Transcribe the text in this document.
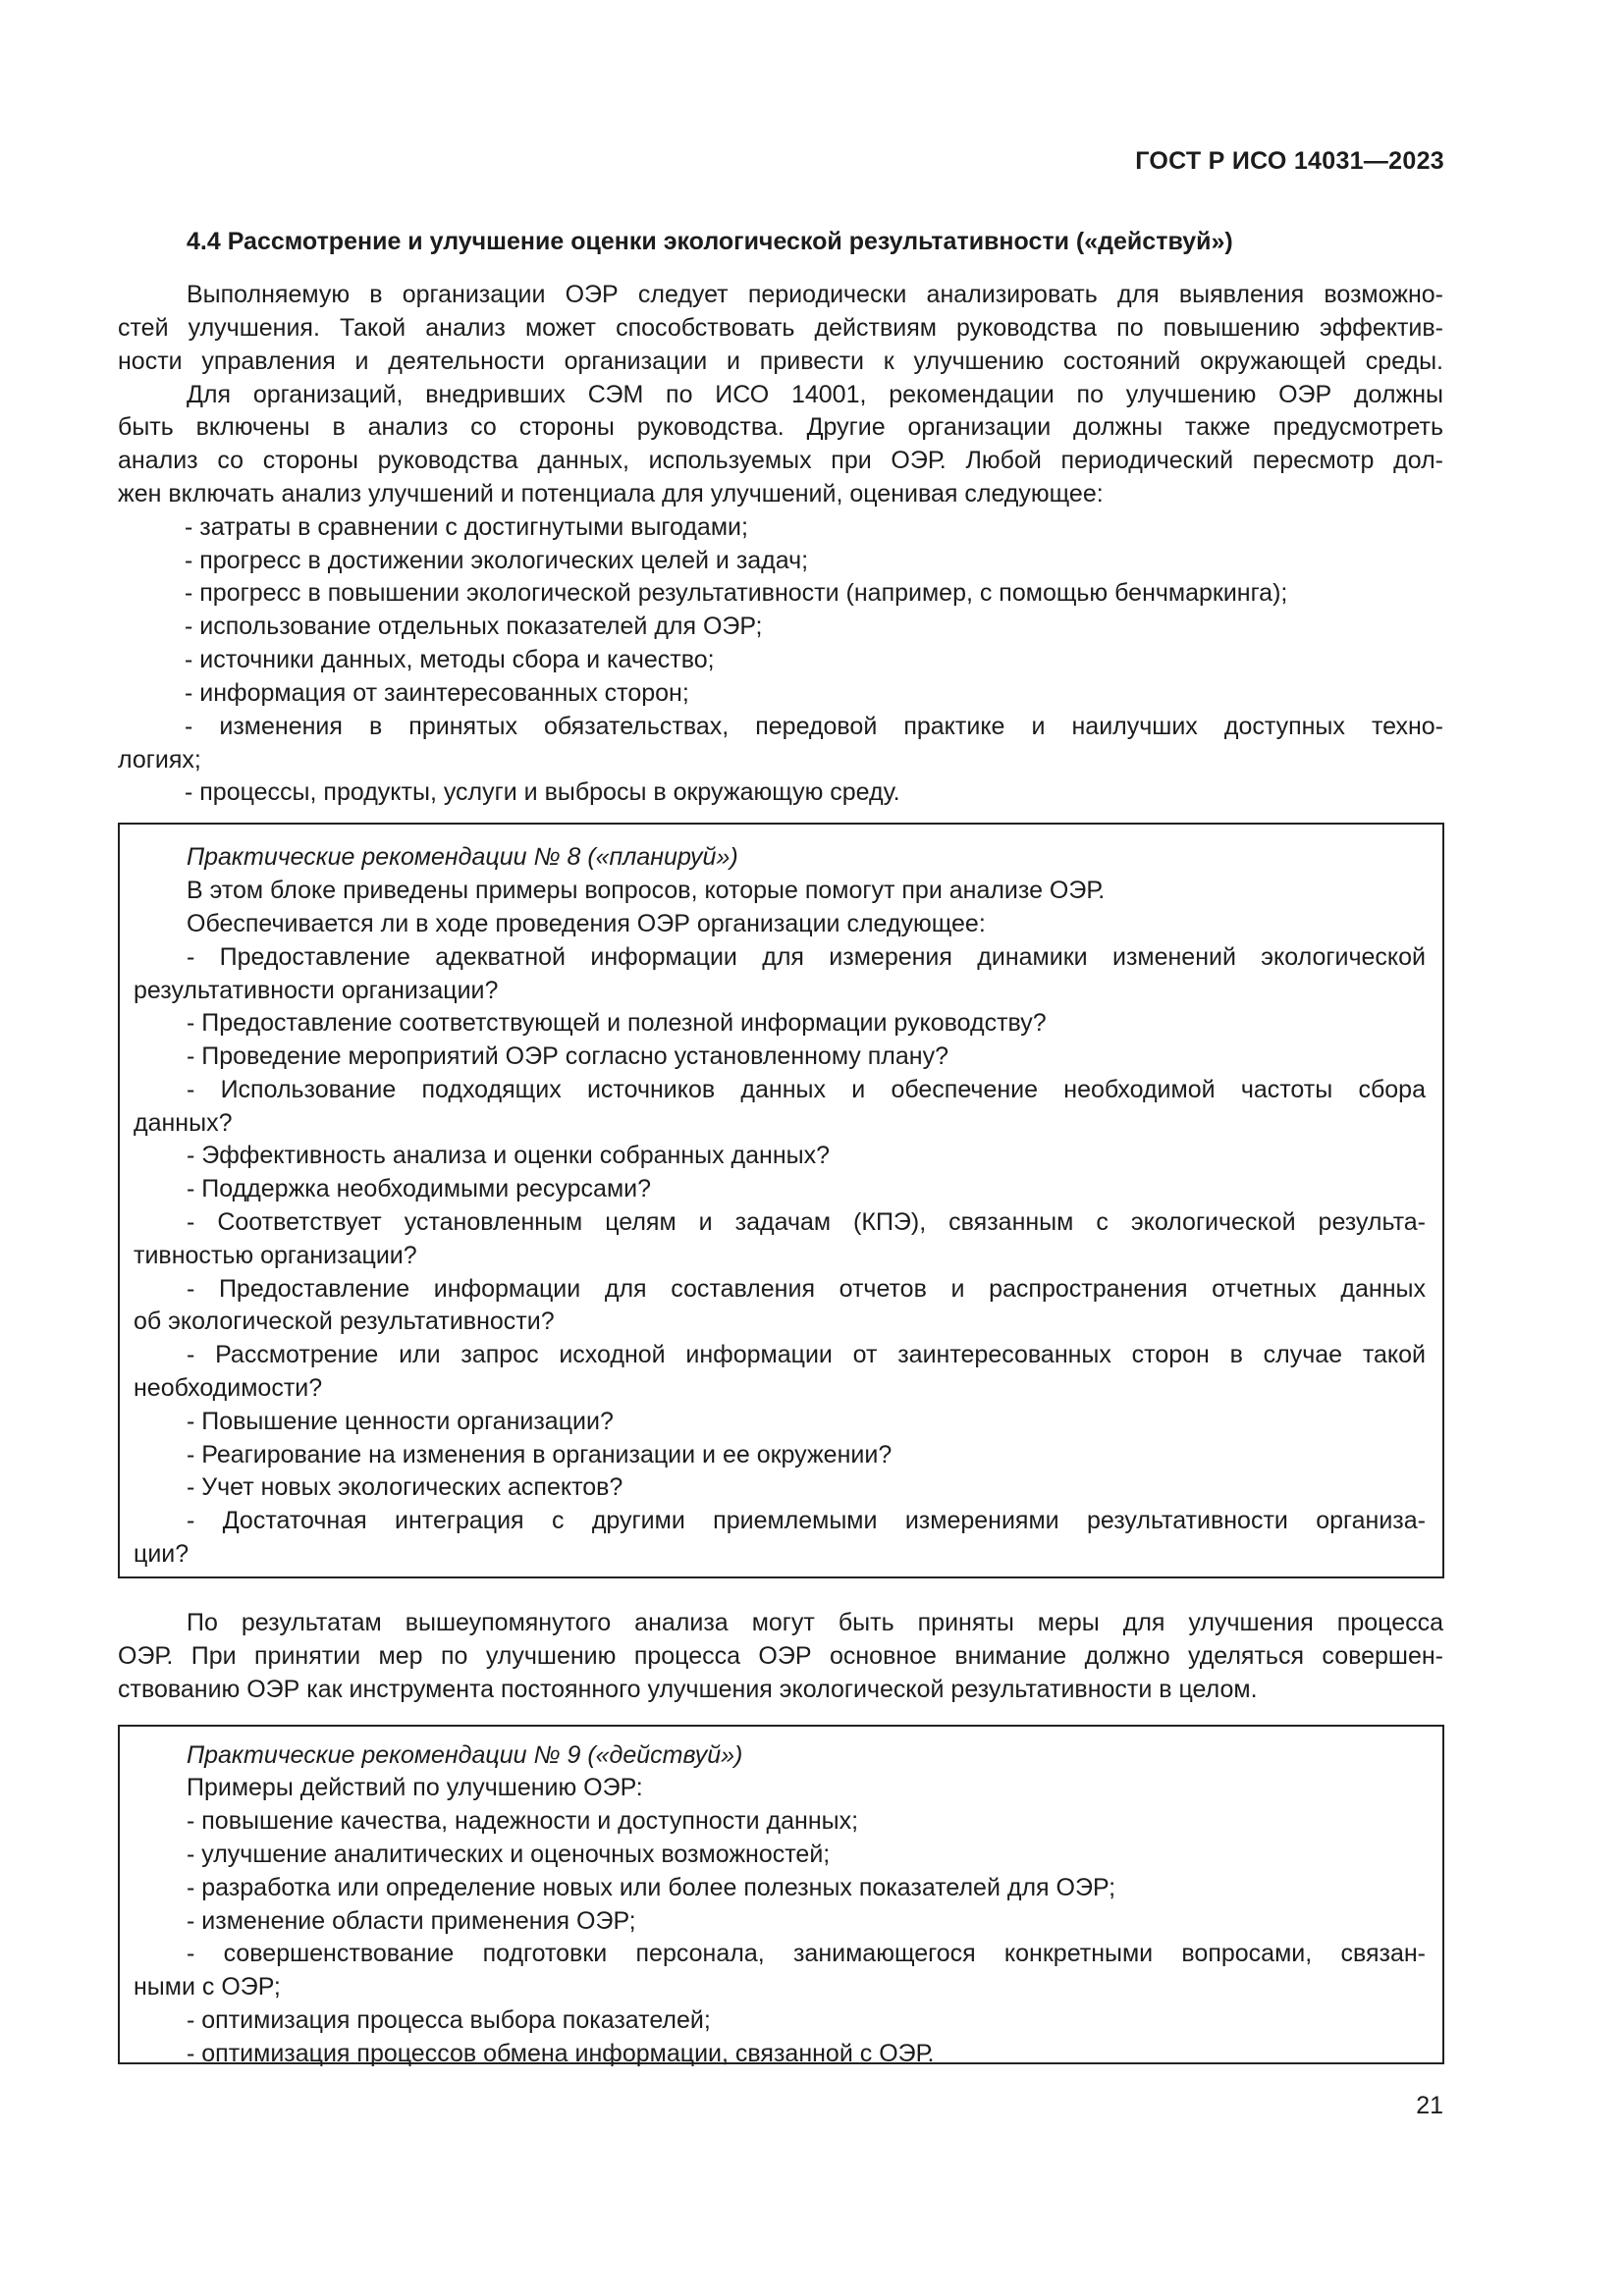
ГОСТ Р ИСО 14031—2023
4.4 Рассмотрение и улучшение оценки экологической результативности («действуй»)
Выполняемую в организации ОЭР следует периодически анализировать для выявления возможно-
стей улучшения. Такой анализ может способствовать действиям руководства по повышению эффектив-
ности управления и деятельности организации и привести к улучшению состояний окружающей среды.
Для организаций, внедривших СЭМ по ИСО 14001, рекомендации по улучшению ОЭР должны
быть включены в анализ со стороны руководства. Другие организации должны также предусмотреть
анализ со стороны руководства данных, используемых при ОЭР. Любой периодический пересмотр дол-
жен включать анализ улучшений и потенциала для улучшений, оценивая следующее:
- затраты в сравнении с достигнутыми выгодами;
- прогресс в достижении экологических целей и задач;
- прогресс в повышении экологической результативности (например, с помощью бенчмаркинга);
- использование отдельных показателей для ОЭР;
- источники данных, методы сбора и качество;
- информация от заинтересованных сторон;
- изменения в принятых обязательствах, передовой практике и наилучших доступных техно-
логиях;
- процессы, продукты, услуги и выбросы в окружающую среду.
Практические рекомендации № 8 («планируй»)
В этом блоке приведены примеры вопросов, которые помогут при анализе ОЭР.
Обеспечивается ли в ходе проведения ОЭР организации следующее:
- Предоставление адекватной информации для измерения динамики изменений экологической
результативности организации?
- Предоставление соответствующей и полезной информации руководству?
- Проведение мероприятий ОЭР согласно установленному плану?
- Использование подходящих источников данных и обеспечение необходимой частоты сбора
данных?
- Эффективность анализа и оценки собранных данных?
- Поддержка необходимыми ресурсами?
- Соответствует установленным целям и задачам (КПЭ), связанным с экологической результа-
тивностью организации?
- Предоставление информации для составления отчетов и распространения отчетных данных
об экологической результативности?
- Рассмотрение или запрос исходной информации от заинтересованных сторон в случае такой
необходимости?
- Повышение ценности организации?
- Реагирование на изменения в организации и ее окружении?
- Учет новых экологических аспектов?
- Достаточная интеграция с другими приемлемыми измерениями результативности организа-
ции?
По результатам вышеупомянутого анализа могут быть приняты меры для улучшения процесса
ОЭР. При принятии мер по улучшению процесса ОЭР основное внимание должно уделяться совершен-
ствованию ОЭР как инструмента постоянного улучшения экологической результативности в целом.
Практические рекомендации № 9 («действуй»)
Примеры действий по улучшению ОЭР:
- повышение качества, надежности и доступности данных;
- улучшение аналитических и оценочных возможностей;
- разработка или определение новых или более полезных показателей для ОЭР;
- изменение области применения ОЭР;
- совершенствование подготовки персонала, занимающегося конкретными вопросами, связан-
ными с ОЭР;
- оптимизация процесса выбора показателей;
- оптимизация процессов обмена информации, связанной с ОЭР.
21
